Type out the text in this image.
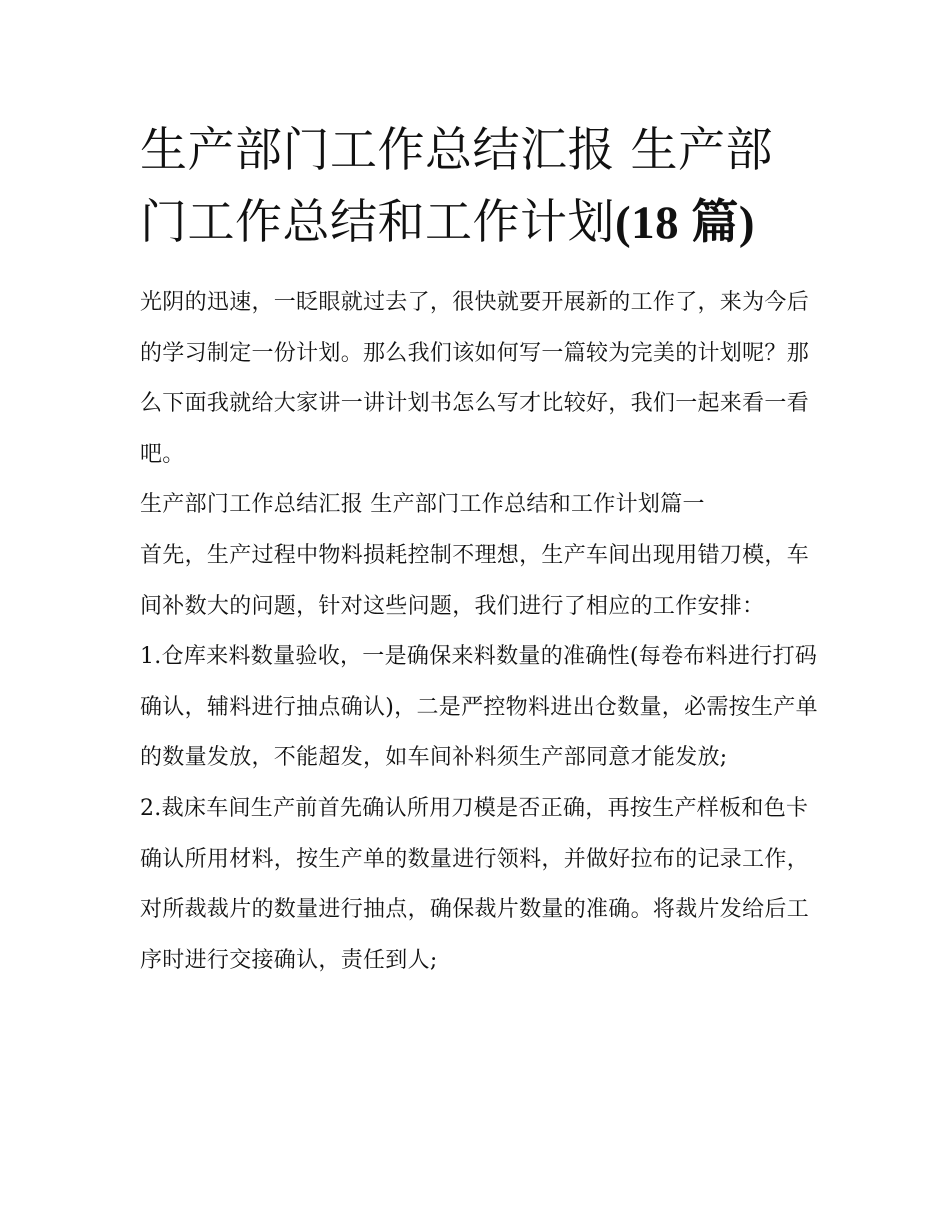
生产部门工作总结汇报 生产部门工作总结和工作计划(18 篇)

光阴的迅速，一眨眼就过去了，很快就要开展新的工作了，来为今后的学习制定一份计划。那么我们该如何写一篇较为完美的计划呢？那么下面我就给大家讲一讲计划书怎么写才比较好，我们一起来看一看吧。

生产部门工作总结汇报 生产部门工作总结和工作计划篇一

首先，生产过程中物料损耗控制不理想，生产车间出现用错刀模，车间补数大的问题，针对这些问题，我们进行了相应的工作安排：

1.仓库来料数量验收，一是确保来料数量的准确性(每卷布料进行打码确认，辅料进行抽点确认)，二是严控物料进出仓数量，必需按生产单的数量发放，不能超发，如车间补料须生产部同意才能发放;

2.裁床车间生产前首先确认所用刀模是否正确，再按生产样板和色卡确认所用材料，按生产单的数量进行领料，并做好拉布的记录工作，对所裁裁片的数量进行抽点，确保裁片数量的准确。将裁片发给后工序时进行交接确认，责任到人;
